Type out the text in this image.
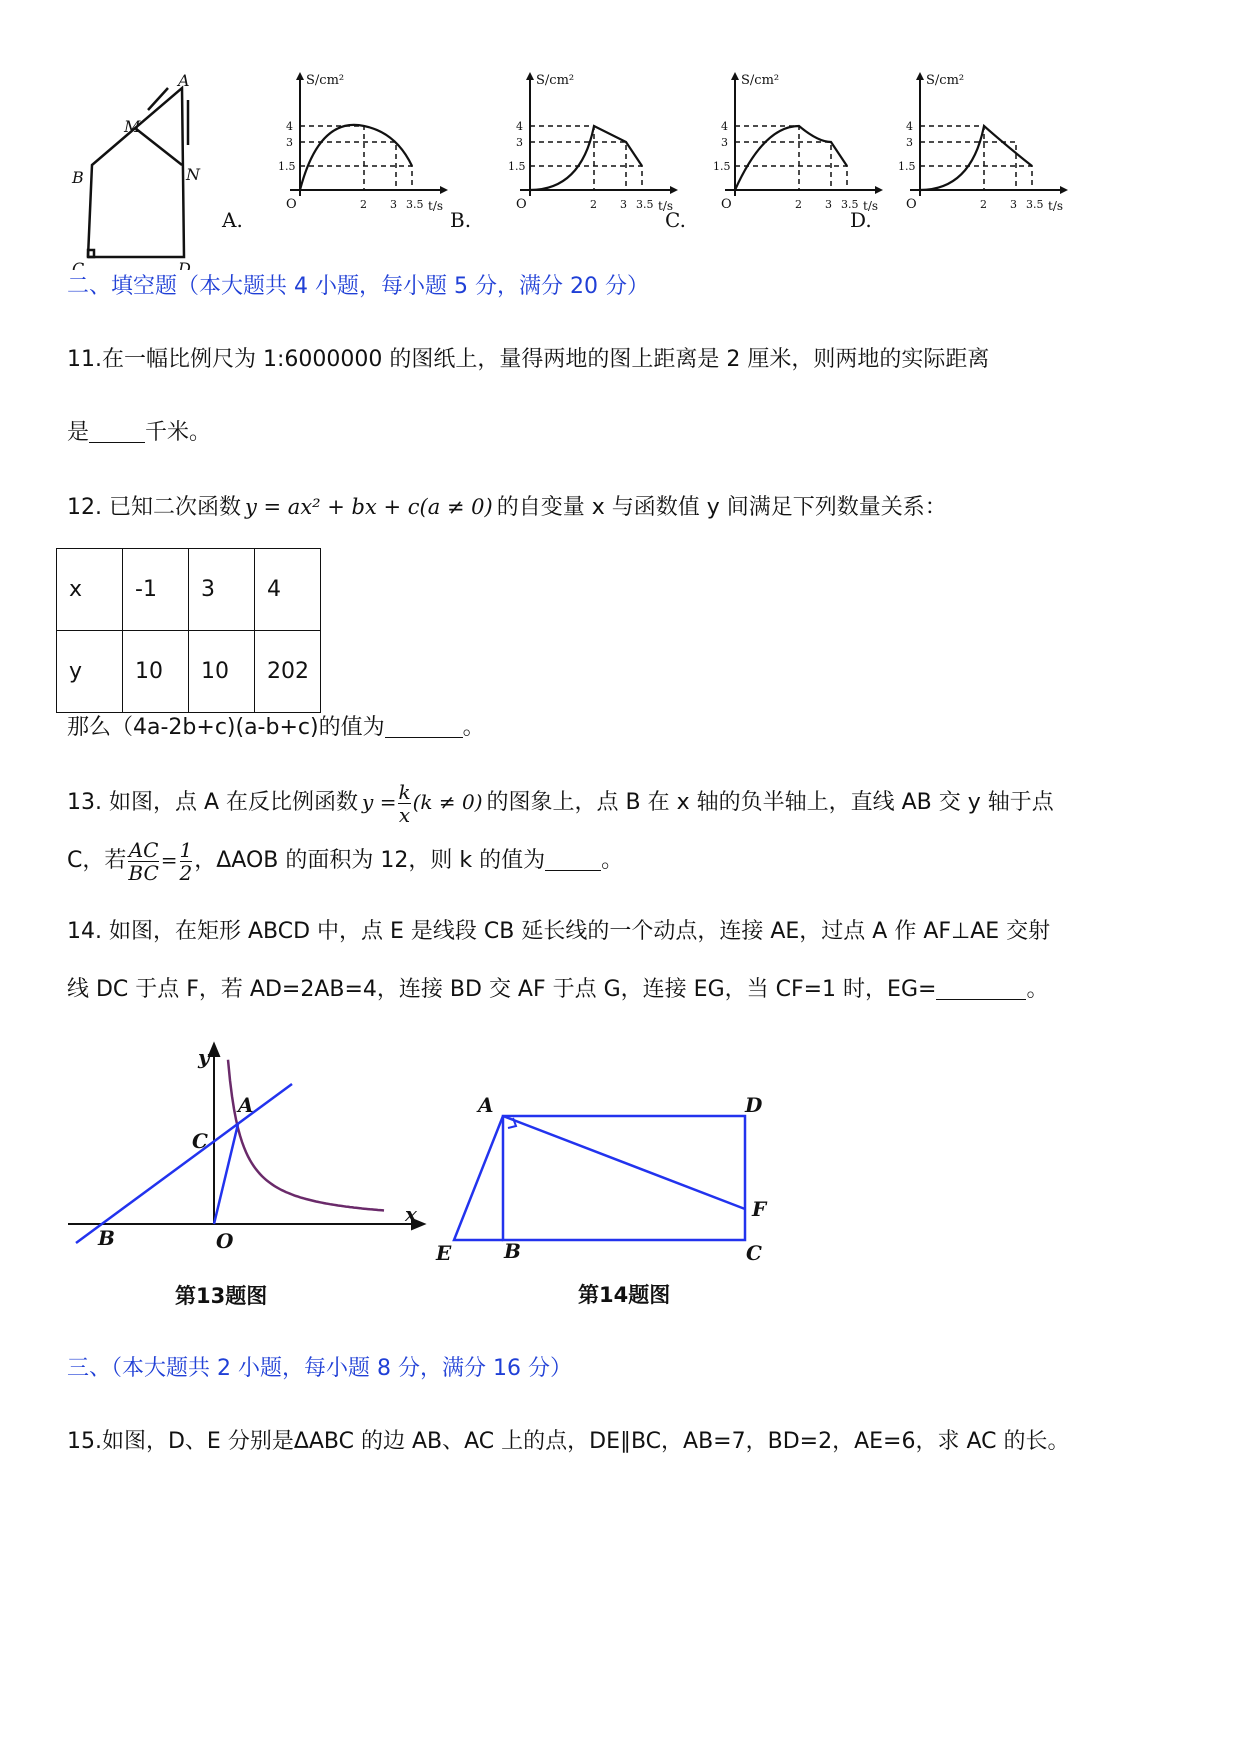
A
M
N
B
C	D
S/cm²
t/s
O
4
3
1.5
2 3 3.5
S/cm²
t/s
O
4
3
1.5
2 3 3.5
S/cm²
t/s
O
4
3
1.5
2 3 3.5
S/cm²
t/s
O
4
3
1.5
2 3 3.5
A.	B.	C.	D.
二、填空题（本大题共 4 小题，每小题 5 分，满分 20 分）
11.在一幅比例尺为 1:6000000 的图纸上，量得两地的图上距离是 2 厘米，则两地的实际距离
是	千米。
12. 已知二次函数 y = ax² + bx + c(a ≠ 0) 的自变量 x 与函数值 y 间满足下列数量关系：
x	-1	3	4
y	10	10	202
那么（4a-2b+c)(a-b+c)的值为	。
13. 如图，点 A 在反比例函数 $y = \frac{k}{x} (k \ne 0)$ 的图象上，点 B 在 x 轴的负半轴上，直线 AB 交 y 轴于点
C，若 $\frac{AC}{BC} = \frac{1}{2}$ ，ΔAOB 的面积为 12，则 k 的值为	。
14. 如图，在矩形 ABCD 中，点 E 是线段 CB 延长线的一个动点，连接 AE，过点 A 作 AF⊥AE 交射
线 DC 于点 F，若 AD=2AB=4，连接 BD 交 AF 于点 G，连接 EG，当 CF=1 时，EG=	。
y
x
A
C
B	O
第13题图
A	D
F
C
B
E
第14题图
三、（本大题共 2 小题，每小题 8 分，满分 16 分）
15.如图，D、E 分别是ΔABC 的边 AB、AC 上的点，DE∥BC，AB=7，BD=2，AE=6，求 AC 的长。
